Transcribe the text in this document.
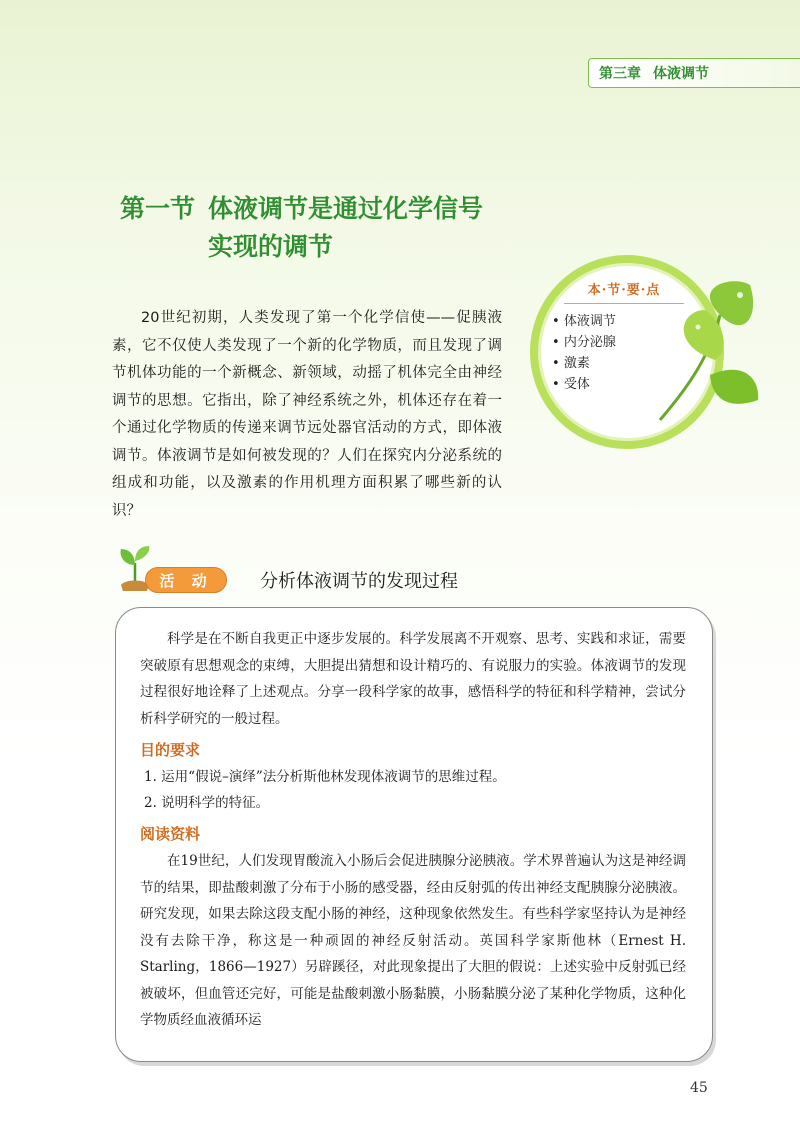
第三章 体液调节
第一节 体液调节是通过化学信号
实现的调节

20世纪初期，人类发现了第一个化学信使——促胰液素，它不仅使人类发现了一个新的化学物质，而且发现了调节机体功能的一个新概念、新领域，动摇了机体完全由神经调节的思想。它指出，除了神经系统之外，机体还存在着一个通过化学物质的传递来调节远处器官活动的方式，即体液调节。体液调节是如何被发现的？人们在探究内分泌系统的组成和功能，以及激素的作用机理方面积累了哪些新的认识？

本·节·要·点
• 体液调节
• 内分泌腺
• 激素
• 受体
活 动	分析体液调节的发现过程

科学是在不断自我更正中逐步发展的。科学发展离不开观察、思考、实践和求证，需要突破原有思想观念的束缚，大胆提出猜想和设计精巧的、有说服力的实验。体液调节的发现过程很好地诠释了上述观点。分享一段科学家的故事，感悟科学的特征和科学精神，尝试分析科学研究的一般过程。

目的要求
1. 运用“假说–演绎”法分析斯他林发现体液调节的思维过程。
2. 说明科学的特征。
阅读资料

在19世纪，人们发现胃酸流入小肠后会促进胰腺分泌胰液。学术界普遍认为这是神经调节的结果，即盐酸刺激了分布于小肠的感受器，经由反射弧的传出神经支配胰腺分泌胰液。研究发现，如果去除这段支配小肠的神经，这种现象依然发生。有些科学家坚持认为是神经没有去除干净，称这是一种顽固的神经反射活动。英国科学家斯他林（Ernest H. Starling，1866—1927）另辟蹊径，对此现象提出了大胆的假说：上述实验中反射弧已经被破坏，但血管还完好，可能是盐酸刺激小肠黏膜，小肠黏膜分泌了某种化学物质，这种化学物质经血液循环运

45
